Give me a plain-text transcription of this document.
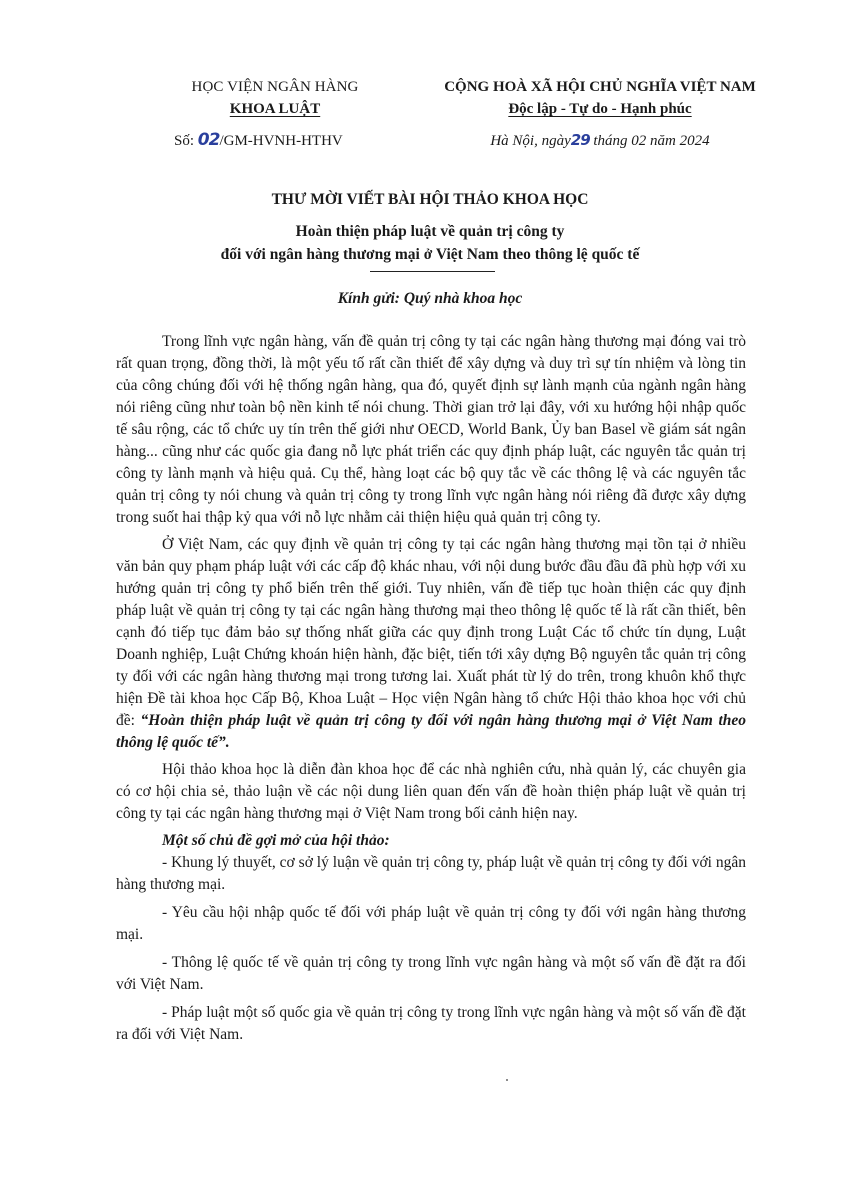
HỌC VIỆN NGÂN HÀNG
KHOA LUẬT
Số: 02/GM-HVNH-HTHV
CỘNG HOÀ XÃ HỘI CHỦ NGHĨA VIỆT NAM
Độc lập - Tự do - Hạnh phúc
Hà Nội, ngày29 tháng 02 năm 2024
THƯ MỜI VIẾT BÀI HỘI THẢO KHOA HỌC
Hoàn thiện pháp luật về quản trị công ty
đối với ngân hàng thương mại ở Việt Nam theo thông lệ quốc tế
Kính gửi: Quý nhà khoa học

Trong lĩnh vực ngân hàng, vấn đề quản trị công ty tại các ngân hàng thương mại đóng vai trò rất quan trọng, đồng thời, là một yếu tố rất cần thiết để xây dựng và duy trì sự tín nhiệm và lòng tin của công chúng đối với hệ thống ngân hàng, qua đó, quyết định sự lành mạnh của ngành ngân hàng nói riêng cũng như toàn bộ nền kinh tế nói chung. Thời gian trở lại đây, với xu hướng hội nhập quốc tế sâu rộng, các tổ chức uy tín trên thế giới như OECD, World Bank, Ủy ban Basel về giám sát ngân hàng... cũng như các quốc gia đang nỗ lực phát triển các quy định pháp luật, các nguyên tắc quản trị công ty lành mạnh và hiệu quả. Cụ thể, hàng loạt các bộ quy tắc về các thông lệ và các nguyên tắc quản trị công ty nói chung và quản trị công ty trong lĩnh vực ngân hàng nói riêng đã được xây dựng trong suốt hai thập kỷ qua với nỗ lực nhằm cải thiện hiệu quả quản trị công ty.

Ở Việt Nam, các quy định về quản trị công ty tại các ngân hàng thương mại tồn tại ở nhiều văn bản quy phạm pháp luật với các cấp độ khác nhau, với nội dung bước đầu đầu đã phù hợp với xu hướng quản trị công ty phổ biến trên thế giới. Tuy nhiên, vấn đề tiếp tục hoàn thiện các quy định pháp luật về quản trị công ty tại các ngân hàng thương mại theo thông lệ quốc tế là rất cần thiết, bên cạnh đó tiếp tục đảm bảo sự thống nhất giữa các quy định trong Luật Các tổ chức tín dụng, Luật Doanh nghiệp, Luật Chứng khoán hiện hành, đặc biệt, tiến tới xây dựng Bộ nguyên tắc quản trị công ty đối với các ngân hàng thương mại trong tương lai. Xuất phát từ lý do trên, trong khuôn khổ thực hiện Đề tài khoa học Cấp Bộ, Khoa Luật – Học viện Ngân hàng tổ chức Hội thảo khoa học với chủ đề: “Hoàn thiện pháp luật về quản trị công ty đối với ngân hàng thương mại ở Việt Nam theo thông lệ quốc tế”.

Hội thảo khoa học là diễn đàn khoa học để các nhà nghiên cứu, nhà quản lý, các chuyên gia có cơ hội chia sẻ, thảo luận về các nội dung liên quan đến vấn đề hoàn thiện pháp luật về quản trị công ty tại các ngân hàng thương mại ở Việt Nam trong bối cảnh hiện nay.

Một số chủ đề gợi mở của hội thảo:

- Khung lý thuyết, cơ sở lý luận về quản trị công ty, pháp luật về quản trị công ty đối với ngân hàng thương mại.
- Yêu cầu hội nhập quốc tế đối với pháp luật về quản trị công ty đối với ngân hàng thương mại.
- Thông lệ quốc tế về quản trị công ty trong lĩnh vực ngân hàng và một số vấn đề đặt ra đối với Việt Nam.
- Pháp luật một số quốc gia về quản trị công ty trong lĩnh vực ngân hàng và một số vấn đề đặt ra đối với Việt Nam.
